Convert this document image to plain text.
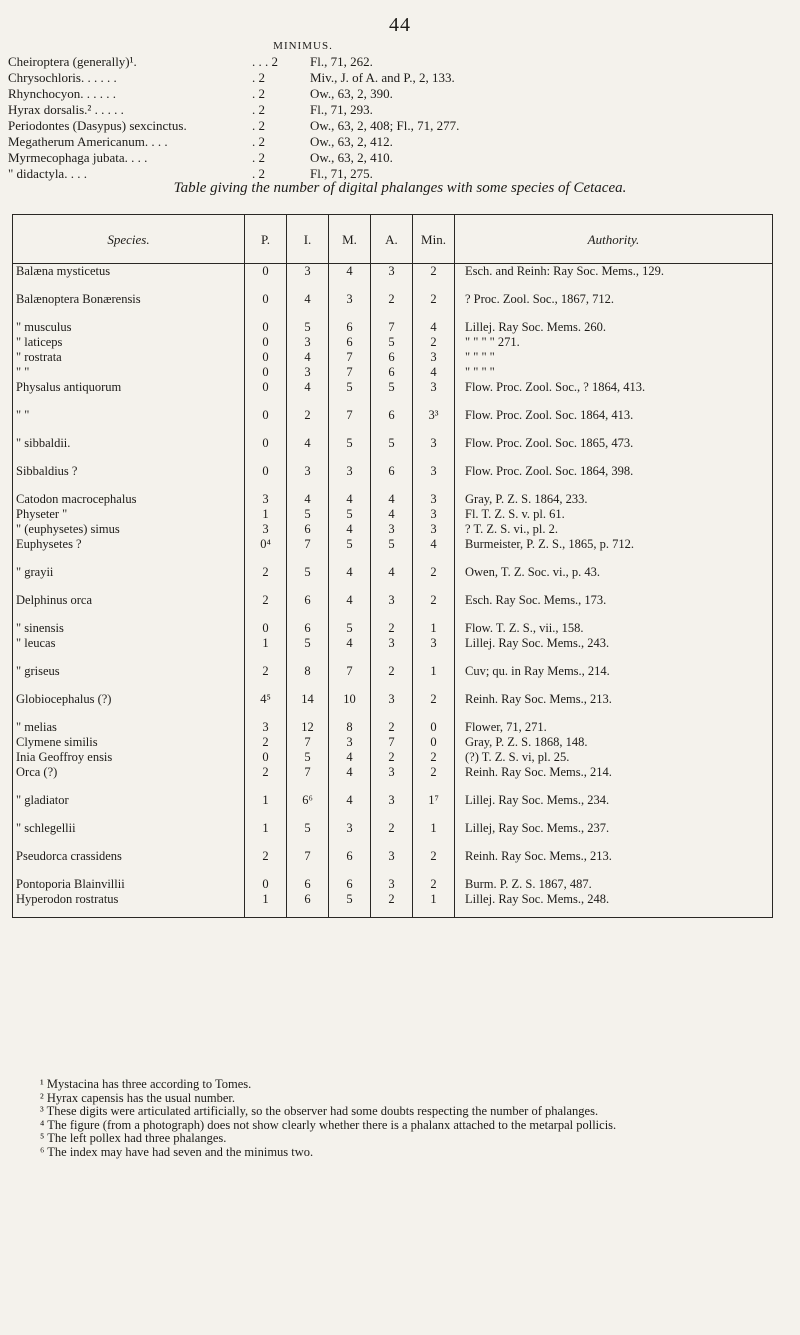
44
MINIMUS.
Cheiroptera (generally)¹.	. . . 2 Fl., 71, 262.
Chrysochloris. . . . . .	. 2	Miv., J. of A. and P., 2, 133.
Rhynchocyon. . . . . .	. 2	Ow., 63, 2, 390.
Hyrax dorsalis.² . . . . .	. 2	Fl., 71, 293.
Periodontes (Dasypus) sexcinctus.	. 2	Ow., 63, 2, 408; Fl., 71, 277.
Megatherum Americanum. . . .	. 2	Ow., 63, 2, 412.
Myrmecophaga jubata. . . .	. 2	Ow., 63, 2, 410.
" didactyla. . . .	. 2	Fl., 71, 275.
Table giving the number of digital phalanges with some species of Cetacea.
Species.	P.	I.	M.	A.	Min.	Authority.
Balæna mysticetus	0	3	4	3	2	Esch. and Reinh: Ray Soc. Mems., 129.
Balænoptera Bonærensis	0	4	3	2	2	? Proc. Zool. Soc., 1867, 712.
" musculus	0	5	6	7	4	Lillej. Ray Soc. Mems. 260.
" laticeps	0	3	6	5	2	" " " " 271.
" rostrata	0	4	7	6	3	" " " "
" "	0	3	7	6	4	" " " "
Physalus antiquorum	0	4	5	5	3	Flow. Proc. Zool. Soc., ? 1864, 413.
" "	0	2	7	6	3³	Flow. Proc. Zool. Soc. 1864, 413.
" sibbaldii.	0	4	5	5	3	Flow. Proc. Zool. Soc. 1865, 473.
Sibbaldius ?	0	3	3	6	3	Flow. Proc. Zool. Soc. 1864, 398.
Catodon macrocephalus	3	4	4	4	3	Gray, P. Z. S. 1864, 233.
Physeter "	1	5	5	4	3	Fl. T. Z. S. v. pl. 61.
" (euphysetes) simus	3	6	4	3	3	? T. Z. S. vi., pl. 2.
Euphysetes ?	0⁴	7	5	5	4	Burmeister, P. Z. S., 1865, p. 712.
" grayii	2	5	4	4	2	Owen, T. Z. Soc. vi., p. 43.
Delphinus orca	2	6	4	3	2	Esch. Ray Soc. Mems., 173.
" sinensis	0	6	5	2	1	Flow. T. Z. S., vii., 158.
" leucas	1	5	4	3	3	Lillej. Ray Soc. Mems., 243.
" griseus	2	8	7	2	1	Cuv; qu. in Ray Mems., 214.
Globiocephalus (?)	4⁵	14	10	3	2	Reinh. Ray Soc. Mems., 213.
" melias	3	12	8	2	0	Flower, 71, 271.
Clymene similis	2	7	3	7	0	Gray, P. Z. S. 1868, 148.
Inia Geoffroy ensis	0	5	4	2	2	(?) T. Z. S. vi, pl. 25.
Orca (?)	2	7	4	3	2	Reinh. Ray Soc. Mems., 214.
" gladiator	1	6⁶	4	3	1⁷	Lillej. Ray Soc. Mems., 234.
" schlegellii	1	5	3	2	1	Lillej, Ray Soc. Mems., 237.
Pseudorca crassidens	2	7	6	3	2	Reinh. Ray Soc. Mems., 213.
Pontoporia Blainvillii	0	6	6	3	2	Burm. P. Z. S. 1867, 487.
Hyperodon rostratus	1	6	5	2	1	Lillej. Ray Soc. Mems., 248.

¹ Mystacina has three according to Tomes.

² Hyrax capensis has the usual number.

³ These digits were articulated artificially, so the observer had some doubts respecting the number of phalanges.

⁴ The figure (from a photograph) does not show clearly whether there is a phalanx attached to the metarpal pollicis.

⁵ The left pollex had three phalanges.

⁶ The index may have had seven and the minimus two.
